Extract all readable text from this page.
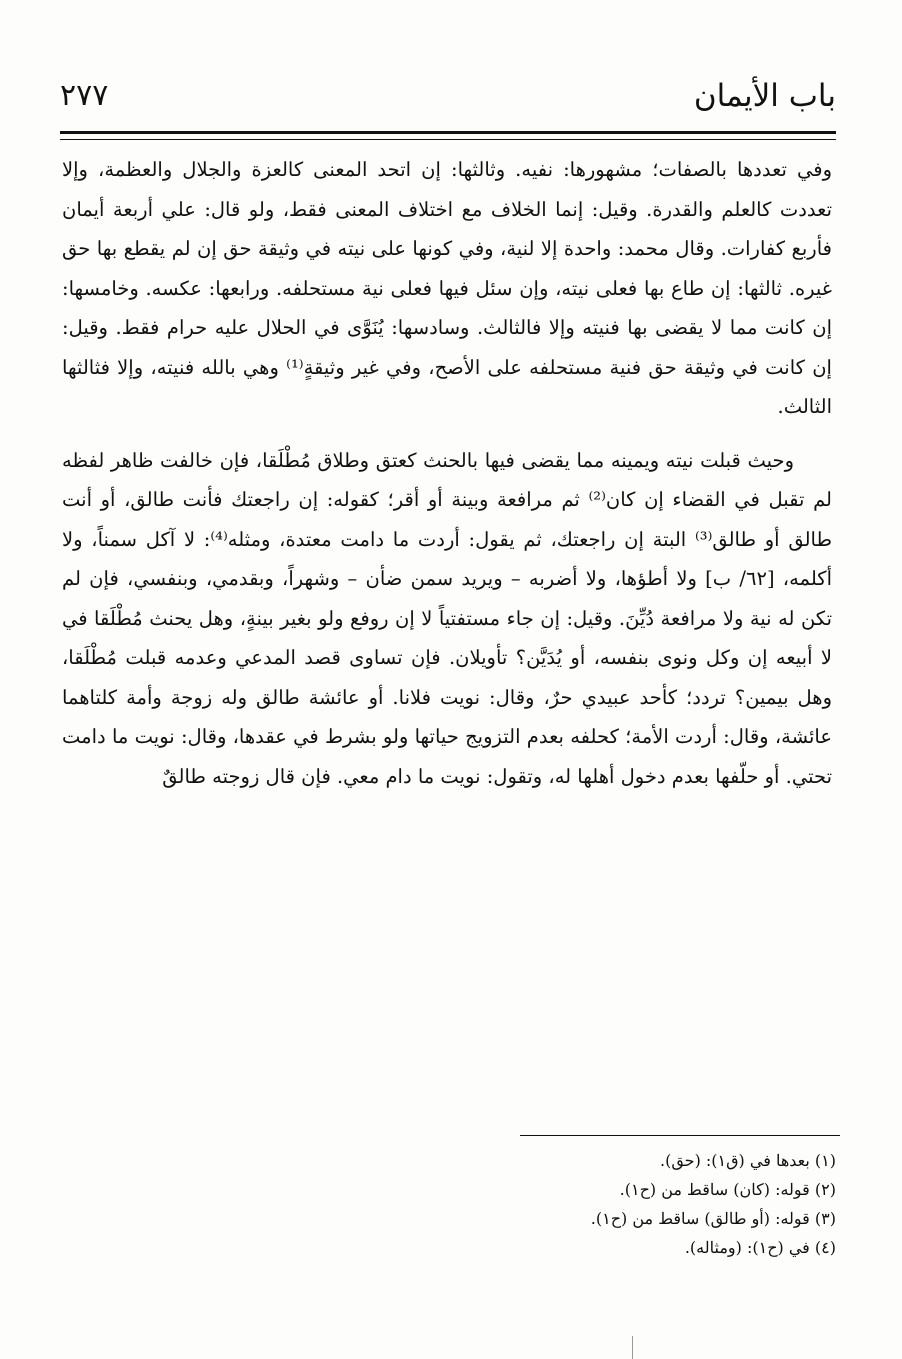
باب الأيمان
٢٧٧

وفي تعددها بالصفات؛ مشهورها: نفيه. وثالثها: إن اتحد المعنى كالعزة والجلال والعظمة، وإلا تعددت كالعلم والقدرة. وقيل: إنما الخلاف مع اختلاف المعنى فقط، ولو قال: علي أربعة أيمان فأربع كفارات. وقال محمد: واحدة إلا لنية، وفي كونها على نيته في وثيقة حق إن لم يقطع بها حق غيره. ثالثها: إن طاع بها فعلى نيته، وإن سئل فيها فعلى نية مستحلفه. ورابعها: عكسه. وخامسها: إن كانت مما لا يقضى بها فنيته وإلا فالثالث. وسادسها: يُنَوَّى في الحلال عليه حرام فقط. وقيل: إن كانت في وثيقة حق فنية مستحلفه على الأصح، وفي غير وثيقةٍ⁽¹⁾ وهي بالله فنيته، وإلا فثالثها الثالث.

وحيث قبلت نيته ويمينه مما يقضى فيها بالحنث كعتق وطلاق مُطْلَقا، فإن خالفت ظاهر لفظه لم تقبل في القضاء إن كان⁽²⁾ ثم مرافعة وبينة أو أقر؛ كقوله: إن راجعتك فأنت طالق، أو أنت طالق أو طالق⁽³⁾ البتة إن راجعتك، ثم يقول: أردت ما دامت معتدة، ومثله⁽⁴⁾: لا آكل سمناً، ولا أكلمه، [٦٢/ ب] ولا أطؤها، ولا أضربه – ويريد سمن ضأن – وشهراً، وبقدمي، وبنفسي، فإن لم تكن له نية ولا مرافعة دُيِّنَ. وقيل: إن جاء مستفتياً لا إن روفع ولو بغير بينةٍ، وهل يحنث مُطْلَقا في لا أبيعه إن وكل ونوى بنفسه، أو يُدَيَّن؟ تأويلان. فإن تساوى قصد المدعي وعدمه قبلت مُطْلَقا، وهل بيمين؟ تردد؛ كأحد عبيدي حرٌ، وقال: نويت فلانا. أو عائشة طالق وله زوجة وأمة كلتاهما عائشة، وقال: أردت الأمة؛ كحلفه بعدم التزويج حياتها ولو بشرط في عقدها، وقال: نويت ما دامت تحتي. أو حلّفها بعدم دخول أهلها له، وتقول: نويت ما دام معي. فإن قال زوجته طالقٌ

(١) بعدها في (ق١): (حق).

(٢) قوله: (كان) ساقط من (ح١).

(٣) قوله: (أو طالق) ساقط من (ح١).

(٤) في (ح١): (ومثاله).
